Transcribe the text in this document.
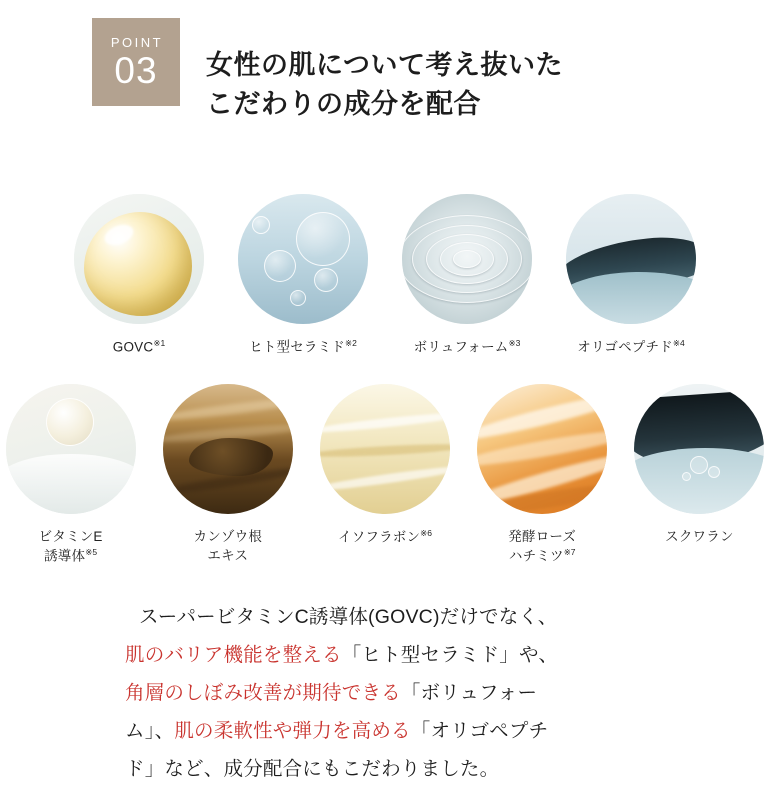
POINT
03 女性の肌について考え抜いた
こだわりの成分を配合
GOVC$^{※1}$	ヒト型セラミド$^{※2}$	ボリュフォーム$^{※3}$	オリゴペプチド$^{※4}$
ビタミンE
誘導体$^{※5}$
カンゾウ根
エキス
イソフラボン$^{※6}$	発酵ローズ
ハチミツ$^{※7}$
スクワラン
スーパービタミンC誘導体(GOVC)だけでなく、
肌のバリア機能を整える「ヒト型セラミド」や、
角層のしぼみ改善が期待できる「ボリュフォー
ム」、肌の柔軟性や弾力を高める「オリゴペプチ
ド」など、成分配合にもこだわりました。
